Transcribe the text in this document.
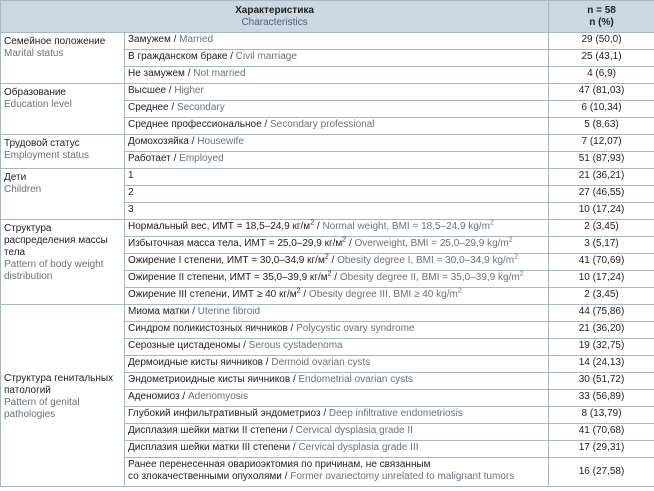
Характеристика
Characteristics		n = 58
n (%)

Семейное положение
Marital status	Замужем / Married	29 (50,0)
	В гражданском браке / Civil marriage	25 (43,1)
	Не замужем / Not married	4 (6,9)

Образование
Education level	Высшее / Higher	47 (81,03)
	Среднее / Secondary	6 (10,34)
	Среднее профессиональное / Secondary professional	5 (8,63)

Трудовой статус
Employment status	Домохозяйка / Housewife	7 (12,07)
	Работает / Employed	51 (87,93)

Дети
Children	1	21 (36,21)
	2	27 (46,55)
	3	10 (17,24)

Структура распределения массы тела
Pattern of body weight distribution	Нормальный вес, ИМТ = 18,5–24,9 $кг/м^2$ / Normal weight, BMI = 18,5–24,9 $kg/m^2$	2 (3,45)
	Избыточная масса тела, ИМТ = 25,0–29,9 $кг/м^2$ / Overweight, BMI = 25,0–29,9 $kg/m^2$	3 (5,17)
	Ожирение I степени, ИМТ = 30,0–34,9 $кг/м^2$ / Obesity degree I, BMI = 30,0–34,9 $kg/m^2$	41 (70,69)
	Ожирение II степени, ИМТ = 35,0–39,9 $кг/м^2$ / Obesity degree II, BMI = 35,0–39,9 $kg/m^2$	10 (17,24)
	Ожирение III степени, ИМТ ≥ 40 $кг/м^2$ / Obesity degree III, BMI ≥ 40 $kg/m^2$	2 (3,45)

Структура генитальных патологий
Pattern of genital pathologies	Миома матки / Uterine fibroid	44 (75,86)
	Синдром поликистозных яичников / Polycystic ovary syndrome	21 (36,20)
	Серозные цистаденомы / Serous cystadenoma	19 (32,75)
	Дермоидные кисты яичников / Dermoid ovarian cysts	14 (24,13)
	Эндометриоидные кисты яичников / Endometrial ovarian cysts	30 (51,72)
	Аденомиоз / Adenomyosis	33 (56,89)
	Глубокий инфильтративный эндометриоз / Deep infiltrative endometriosis	8 (13,79)
	Дисплазия шейки матки II степени / Cervical dysplasia grade II	41 (70,68)
	Дисплазия шейки матки III степени / Cervical dysplasia grade III	17 (29,31)

	Ранее перенесенная овариоэктомия по причинам, не связанным
со злокачественными опухолями / Former ovariectomy unrelated to malignant tumors	16 (27,58)
